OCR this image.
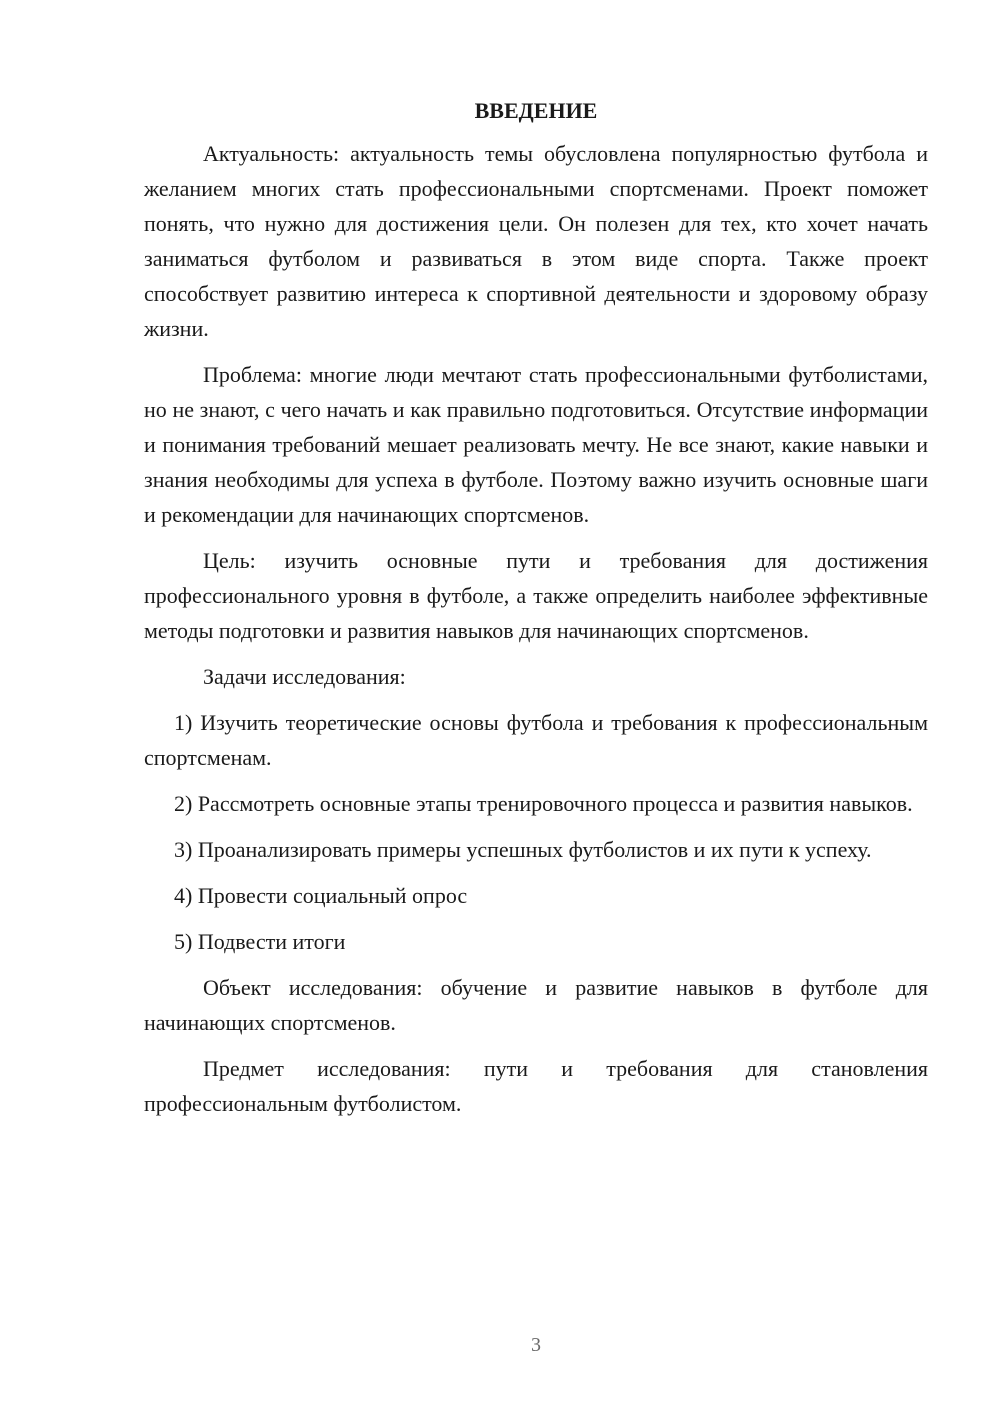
ВВЕДЕНИЕ

Актуальность: актуальность темы обусловлена популярностью футбола и желанием многих стать профессиональными спортсменами. Проект поможет понять, что нужно для достижения цели. Он полезен для тех, кто хочет начать заниматься футболом и развиваться в этом виде спорта. Также проект способствует развитию интереса к спортивной деятельности и здоровому образу жизни.

Проблема: многие люди мечтают стать профессиональными футболистами, но не знают, с чего начать и как правильно подготовиться. Отсутствие информации и понимания требований мешает реализовать мечту. Не все знают, какие навыки и знания необходимы для успеха в футболе. Поэтому важно изучить основные шаги и рекомендации для начинающих спортсменов.

Цель: изучить основные пути и требования для достижения профессионального уровня в футболе, а также определить наиболее эффективные методы подготовки и развития навыков для начинающих спортсменов.

Задачи исследования:

1) Изучить теоретические основы футбола и требования к профессиональным спортсменам.

2) Рассмотреть основные этапы тренировочного процесса и развития навыков.

3) Проанализировать примеры успешных футболистов и их пути к успеху.

4) Провести социальный опрос

5) Подвести итоги

Объект исследования: обучение и развитие навыков в футболе для начинающих спортсменов.

Предмет исследования: пути и требования для становления профессиональным футболистом.

3
